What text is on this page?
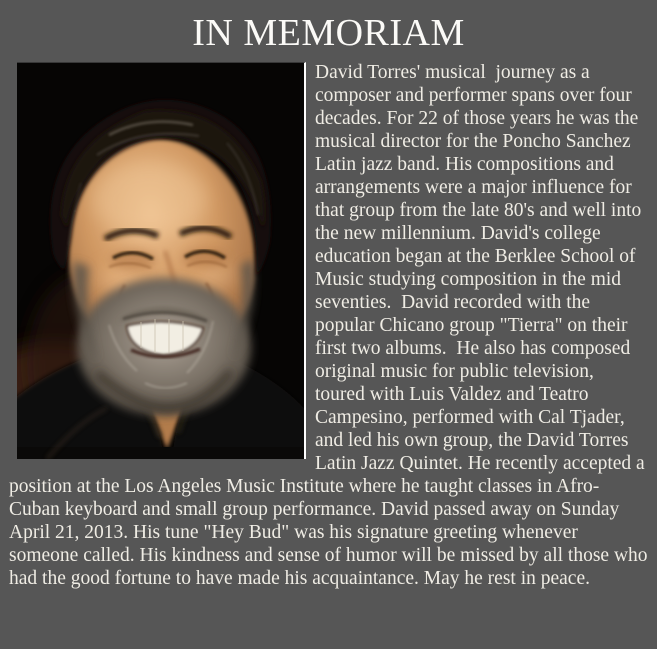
IN MEMORIAM

David Torres' musical  journey as a composer and performer spans over four decades. For 22 of those years he was the musical director for the Poncho Sanchez Latin jazz band. His compositions and arrangements were a major influence for that group from the late 80's and well into the new millennium. David's college education began at the Berklee School of Music studying composition in the mid seventies.  David recorded with the popular Chicano group "Tierra" on their first two albums.  He also has composed original music for public television, toured with Luis Valdez and Teatro Campesino, performed with Cal Tjader, and led his own group, the David Torres Latin Jazz Quintet. He recently accepted a position at the Los Angeles Music Institute where he taught classes in Afro-Cuban keyboard and small group performance. David passed away on Sunday April 21, 2013. His tune "Hey Bud" was his signature greeting whenever someone called. His kindness and sense of humor will be missed by all those who had the good fortune to have made his acquaintance. May he rest in peace.
